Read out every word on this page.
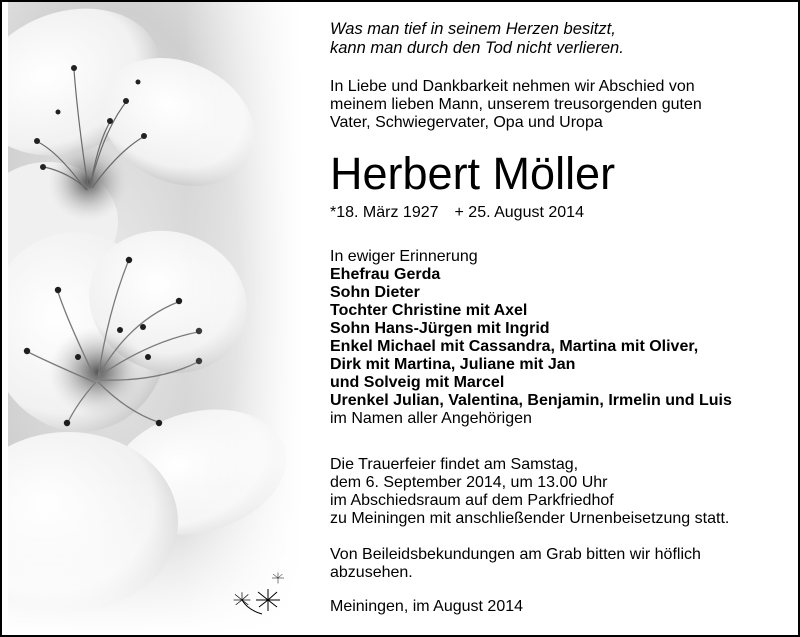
Was man tief in seinem Herzen besitzt,
kann man durch den Tod nicht verlieren.
In Liebe und Dankbarkeit nehmen wir Abschied von
meinem lieben Mann, unserem treusorgenden guten
Vater, Schwiegervater, Opa und Uropa
Herbert Möller
*18. März 1927 + 25. August 2014
In ewiger Erinnerung
Ehefrau Gerda
Sohn Dieter
Tochter Christine mit Axel
Sohn Hans-Jürgen mit Ingrid
Enkel Michael mit Cassandra, Martina mit Oliver,
Dirk mit Martina, Juliane mit Jan
und Solveig mit Marcel
Urenkel Julian, Valentina, Benjamin, Irmelin und Luis
im Namen aller Angehörigen
Die Trauerfeier findet am Samstag,
dem 6. September 2014, um 13.00 Uhr
im Abschiedsraum auf dem Parkfriedhof
zu Meiningen mit anschließender Urnenbeisetzung statt.
Von Beileidsbekundungen am Grab bitten wir höflich
abzusehen.
Meiningen, im August 2014
